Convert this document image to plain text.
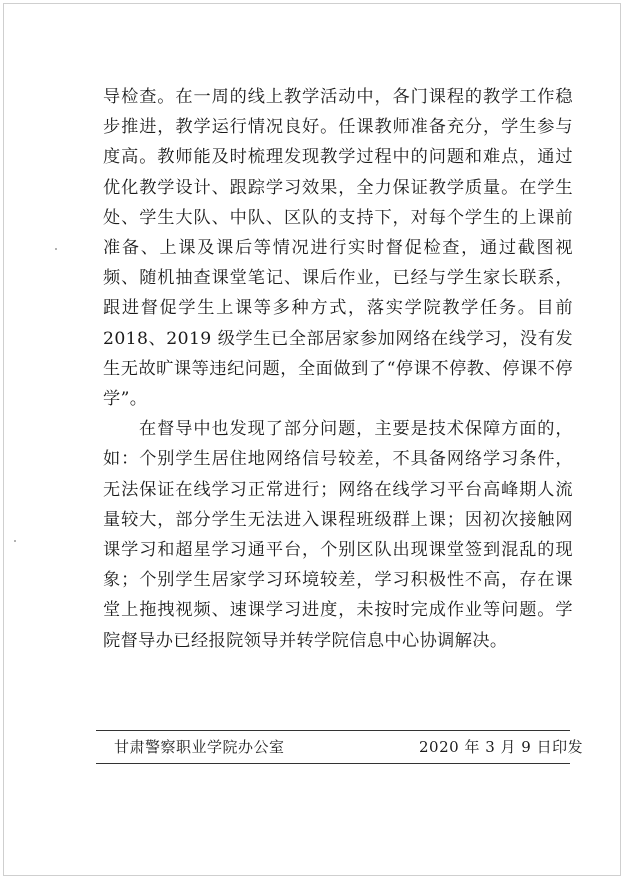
导检查。在一周的线上教学活动中，各门课程的教学工作稳步推进，教学运行情况良好。任课教师准备充分，学生参与度高。教师能及时梳理发现教学过程中的问题和难点，通过优化教学设计、跟踪学习效果，全力保证教学质量。在学生处、学生大队、中队、区队的支持下，对每个学生的上课前准备、上课及课后等情况进行实时督促检查，通过截图视频、随机抽查课堂笔记、课后作业，已经与学生家长联系，跟进督促学生上课等多种方式，落实学院教学任务。目前 2018、2019 级学生已全部居家参加网络在线学习，没有发生无故旷课等违纪问题，全面做到了“停课不停教、停课不停学”。

在督导中也发现了部分问题，主要是技术保障方面的，如：个别学生居住地网络信号较差，不具备网络学习条件，无法保证在线学习正常进行；网络在线学习平台高峰期人流量较大，部分学生无法进入课程班级群上课；因初次接触网课学习和超星学习通平台，个别区队出现课堂签到混乱的现象；个别学生居家学习环境较差，学习积极性不高，存在课堂上拖拽视频、速课学习进度，未按时完成作业等问题。学院督导办已经报院领导并转学院信息中心协调解决。

甘肃警察职业学院办公室	2020 年 3 月 9 日印发
